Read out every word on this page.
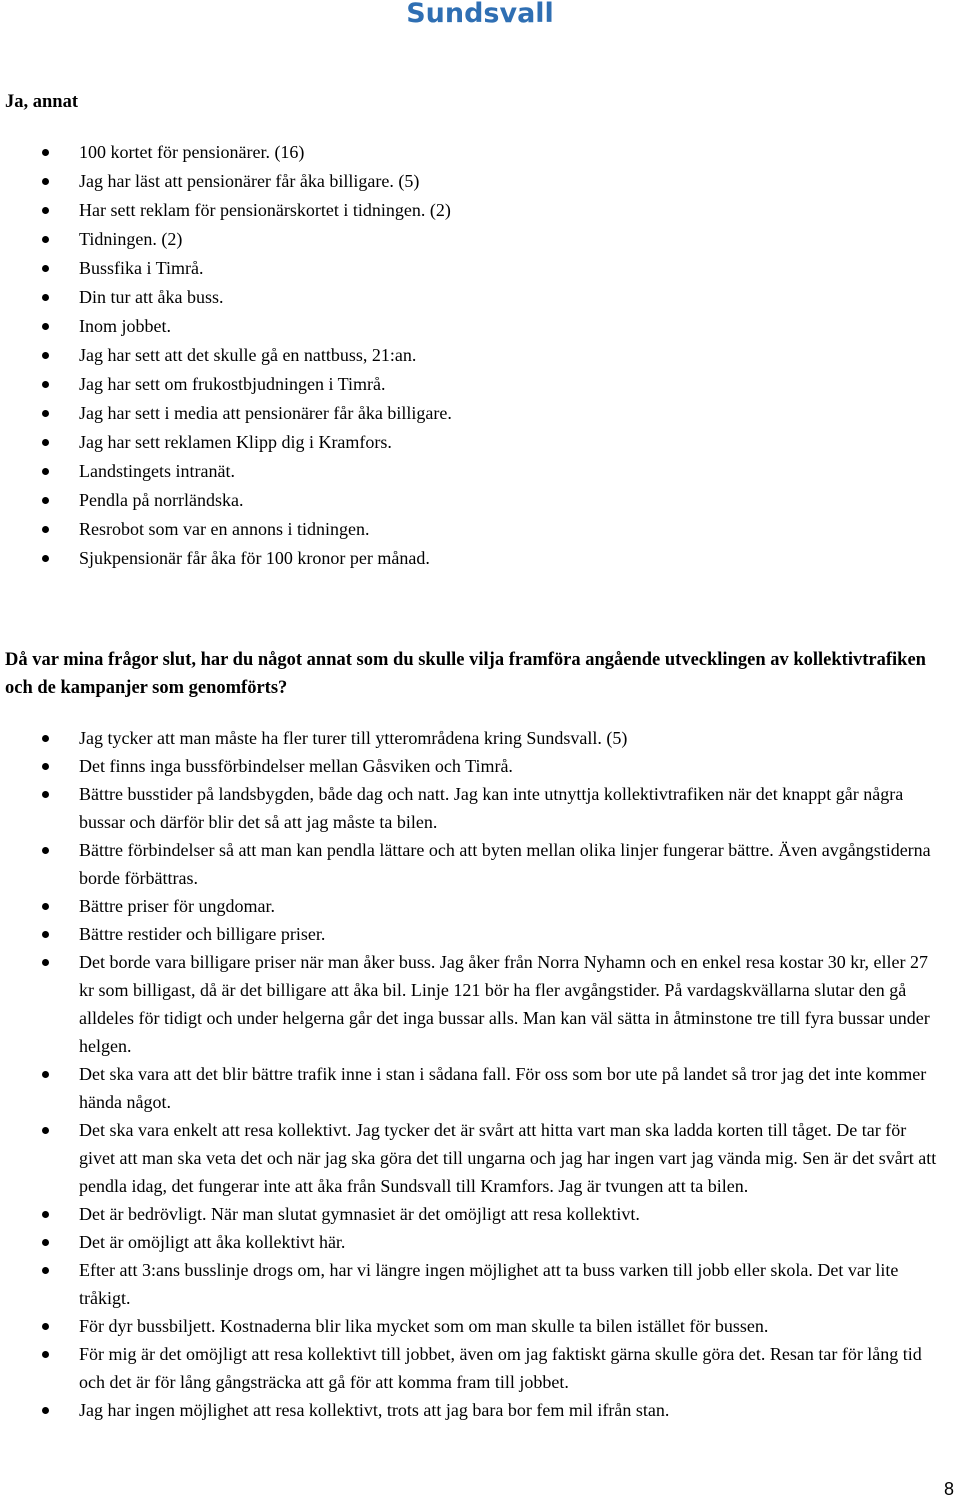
Sundsvall
Ja, annat
100 kortet för pensionärer. (16)
Jag har läst att pensionärer får åka billigare. (5)
Har sett reklam för pensionärskortet i tidningen. (2)
Tidningen. (2)
Bussfika i Timrå.
Din tur att åka buss.
Inom jobbet.
Jag har sett att det skulle gå en nattbuss, 21:an.
Jag har sett om frukostbjudningen i Timrå.
Jag har sett i media att pensionärer får åka billigare.
Jag har sett reklamen Klipp dig i Kramfors.
Landstingets intranät.
Pendla på norrländska.
Resrobot som var en annons i tidningen.
Sjukpensionär får åka för 100 kronor per månad.
Då var mina frågor slut, har du något annat som du skulle vilja framföra angående utvecklingen av kollektivtrafiken och de kampanjer som genomförts?
Jag tycker att man måste ha fler turer till ytterområdena kring Sundsvall. (5)
Det finns inga bussförbindelser mellan Gåsviken och Timrå.
Bättre busstider på landsbygden, både dag och natt. Jag kan inte utnyttja kollektivtrafiken när det knappt går några bussar och därför blir det så att jag måste ta bilen.
Bättre förbindelser så att man kan pendla lättare och att byten mellan olika linjer fungerar bättre. Även avgångstiderna borde förbättras.
Bättre priser för ungdomar.
Bättre restider och billigare priser.
Det borde vara billigare priser när man åker buss. Jag åker från Norra Nyhamn och en enkel resa kostar 30 kr, eller 27 kr som billigast, då är det billigare att åka bil. Linje 121 bör ha fler avgångstider. På vardagskvällarna slutar den gå alldeles för tidigt och under helgerna går det inga bussar alls. Man kan väl sätta in åtminstone tre till fyra bussar under helgen.
Det ska vara att det blir bättre trafik inne i stan i sådana fall. För oss som bor ute på landet så tror jag det inte kommer hända något.
Det ska vara enkelt att resa kollektivt. Jag tycker det är svårt att hitta vart man ska ladda korten till tåget. De tar för givet att man ska veta det och när jag ska göra det till ungarna och jag har ingen vart jag vända mig. Sen är det svårt att pendla idag, det fungerar inte att åka från Sundsvall till Kramfors. Jag är tvungen att ta bilen.
Det är bedrövligt. När man slutat gymnasiet är det omöjligt att resa kollektivt.
Det är omöjligt att åka kollektivt här.
Efter att 3:ans busslinje drogs om, har vi längre ingen möjlighet att ta buss varken till jobb eller skola. Det var lite tråkigt.
För dyr bussbiljett. Kostnaderna blir lika mycket som om man skulle ta bilen istället för bussen.
För mig är det omöjligt att resa kollektivt till jobbet, även om jag faktiskt gärna skulle göra det. Resan tar för lång tid och det är för lång gångsträcka att gå för att komma fram till jobbet.
Jag har ingen möjlighet att resa kollektivt, trots att jag bara bor fem mil ifrån stan.
8
